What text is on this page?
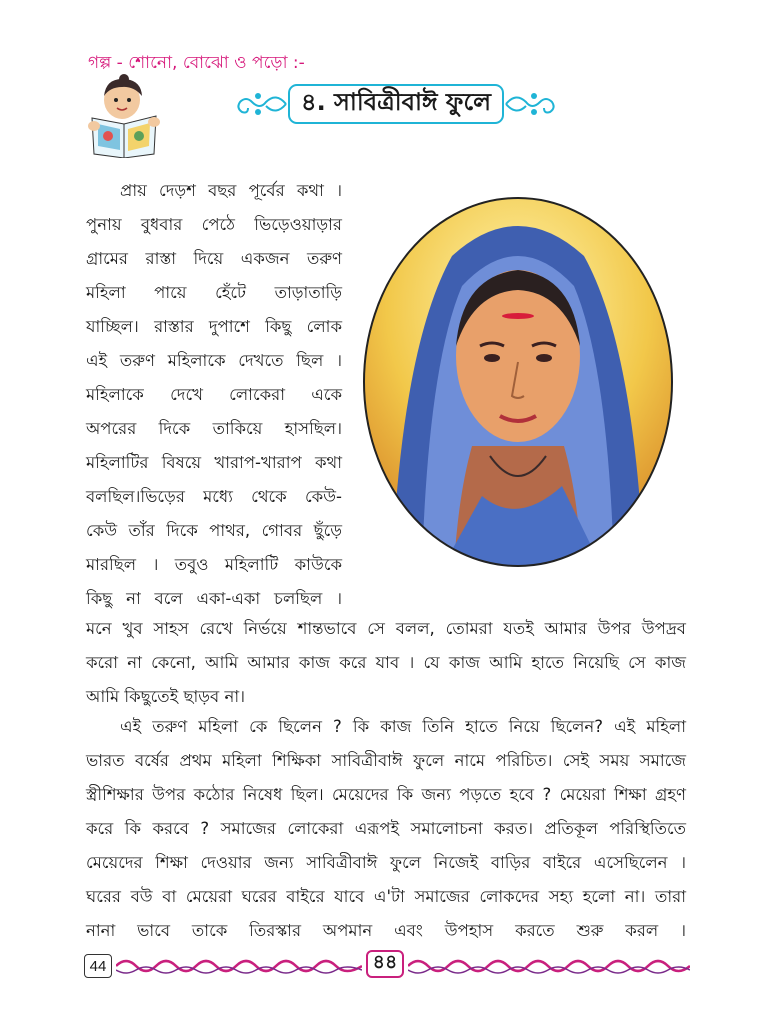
গল্প - শোনো, বোঝো ও পড়ো :-
৪. সাবিত্রীবাঈ ফুলে

প্রায় দেড়শ বছর পূর্বের কথা ।

পুনায় বুধবার পেঠে ভিড়েওয়াড়ার

গ্রামের রাস্তা দিয়ে একজন তরুণ

মহিলা পায়ে হেঁটে তাড়াতাড়ি

যাচ্ছিল। রাস্তার দুপাশে কিছু লোক

এই তরুণ মহিলাকে দেখতে ছিল ।

মহিলাকে দেখে লোকেরা একে

অপরের দিকে তাকিয়ে হাসছিল।

মহিলাটির বিষয়ে খারাপ-খারাপ কথা

বলছিল।ভিড়ের মধ্যে থেকে কেউ-

কেউ তাঁর দিকে পাথর, গোবর ছুঁড়ে

মারছিল । তবুও মহিলাটি কাউকে

কিছু না বলে একা-একা চলছিল ।

মনে খুব সাহস রেখে নির্ভয়ে শান্তভাবে সে বলল, তোমরা যতই আমার উপর উপদ্রব

করো না কেনো, আমি আমার কাজ করে যাব । যে কাজ আমি হাতে নিয়েছি সে কাজ

আমি কিছুতেই ছাড়ব না।

এই তরুণ মহিলা কে ছিলেন ? কি কাজ তিনি হাতে নিয়ে ছিলেন? এই মহিলা

ভারত বর্ষের প্রথম মহিলা শিক্ষিকা সাবিত্রীবাঈ ফুলে নামে পরিচিত। সেই সময় সমাজে

স্ত্রীশিক্ষার উপর কঠোর নিষেধ ছিল। মেয়েদের কি জন্য পড়তে হবে ? মেয়েরা শিক্ষা গ্রহণ

করে কি করবে ? সমাজের লোকেরা এরূপই সমালোচনা করত। প্রতিকূল পরিস্থিতিতে

মেয়েদের শিক্ষা দেওয়ার জন্য সাবিত্রীবাঈ ফুলে নিজেই বাড়ির বাইরে এসেছিলেন ।

ঘরের বউ বা মেয়েরা ঘরের বাইরে যাবে এ'টা সমাজের লোকদের সহ্য হলো না। তারা

নানা ভাবে তাকে তিরস্কার অপমান এবং উপহাস করতে শুরু করল ।

44	৪৪
